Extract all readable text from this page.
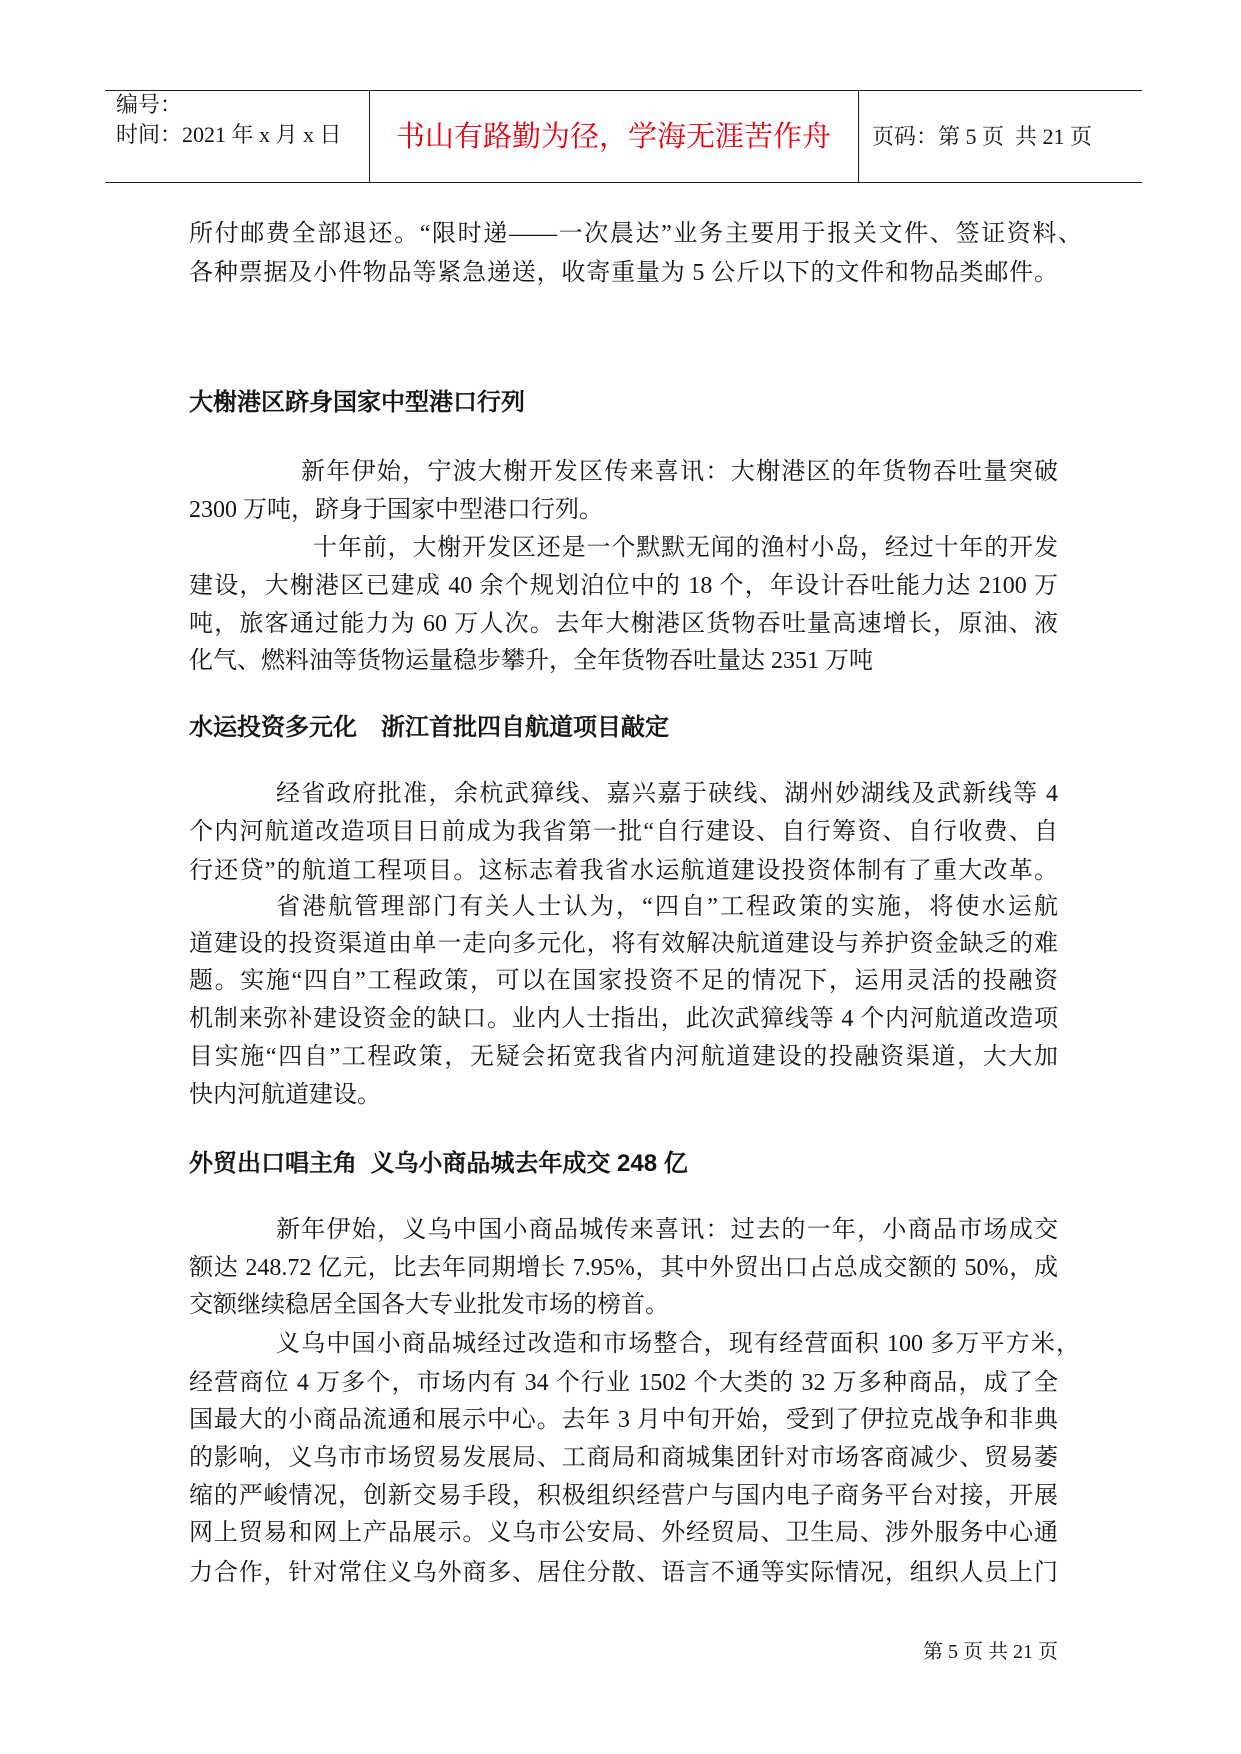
编号：
时间：2021 年 x 月 x 日	书山有路勤为径，学海无涯苦作舟	页码：第 5 页  共 21 页
所付邮费全部退还。“限时递——一次晨达”业务主要用于报关文件、签证资料、
各种票据及小件物品等紧急递送，收寄重量为 5 公斤以下的文件和物品类邮件。
大榭港区跻身国家中型港口行列
新年伊始，宁波大榭开发区传来喜讯：大榭港区的年货物吞吐量突破
2300 万吨，跻身于国家中型港口行列。
十年前，大榭开发区还是一个默默无闻的渔村小岛，经过十年的开发
建设，大榭港区已建成 40 余个规划泊位中的 18 个，年设计吞吐能力达 2100 万
吨，旅客通过能力为 60 万人次。去年大榭港区货物吞吐量高速增长，原油、液
化气、燃料油等货物运量稳步攀升，全年货物吞吐量达 2351 万吨
水运投资多元化　浙江首批四自航道项目敲定
经省政府批准，余杭武獐线、嘉兴嘉于硖线、湖州妙湖线及武新线等 4
个内河航道改造项目日前成为我省第一批“自行建设、自行筹资、自行收费、自
行还贷”的航道工程项目。这标志着我省水运航道建设投资体制有了重大改革。
省港航管理部门有关人士认为，“四自”工程政策的实施，将使水运航
道建设的投资渠道由单一走向多元化，将有效解决航道建设与养护资金缺乏的难
题。实施“四自”工程政策，可以在国家投资不足的情况下，运用灵活的投融资
机制来弥补建设资金的缺口。业内人士指出，此次武獐线等 4 个内河航道改造项
目实施“四自”工程政策，无疑会拓宽我省内河航道建设的投融资渠道，大大加
快内河航道建设。
外贸出口唱主角  义乌小商品城去年成交 248 亿
新年伊始，义乌中国小商品城传来喜讯：过去的一年，小商品市场成交
额达 248.72 亿元，比去年同期增长 7.95%，其中外贸出口占总成交额的 50%，成
交额继续稳居全国各大专业批发市场的榜首。
义乌中国小商品城经过改造和市场整合，现有经营面积 100 多万平方米，
经营商位 4 万多个，市场内有 34 个行业 1502 个大类的 32 万多种商品，成了全
国最大的小商品流通和展示中心。去年 3 月中旬开始，受到了伊拉克战争和非典
的影响，义乌市市场贸易发展局、工商局和商城集团针对市场客商减少、贸易萎
缩的严峻情况，创新交易手段，积极组织经营户与国内电子商务平台对接，开展
网上贸易和网上产品展示。义乌市公安局、外经贸局、卫生局、涉外服务中心通
力合作，针对常住义乌外商多、居住分散、语言不通等实际情况，组织人员上门
第 5 页 共 21 页
